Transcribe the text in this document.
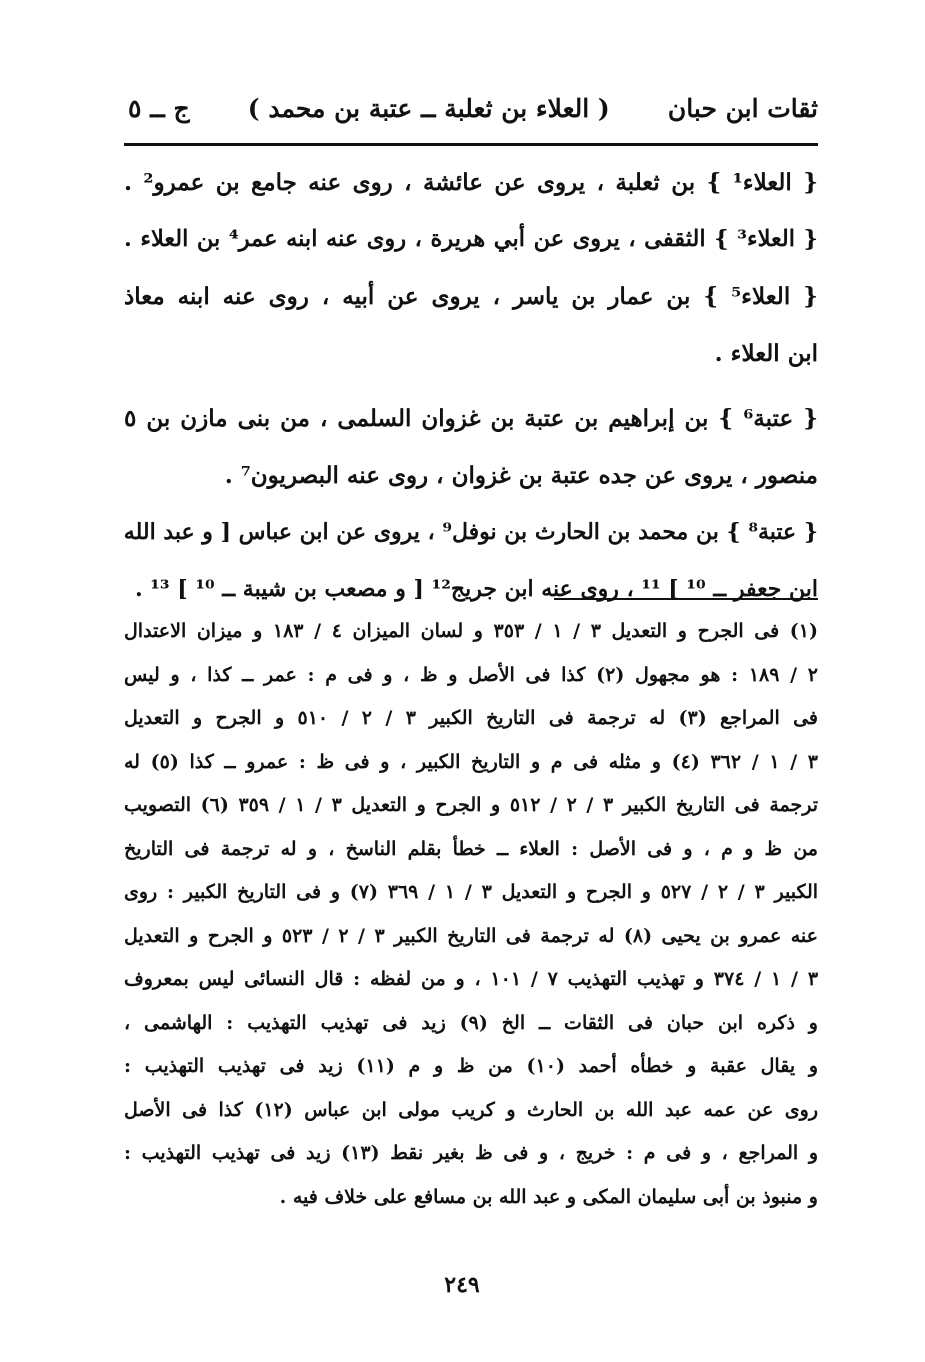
ثقات ابن حبان
( العلاء بن ثعلبة ــ عتبة بن محمد )
ج ــ ٥
{ العلاء¹ } بن ثعلبة ، يروى عن عائشة ، روى عنه جامع بن عمرو² .
{ العلاء³ } الثقفى ، يروى عن أبي هريرة ، روى عنه ابنه عمر⁴ بن العلاء .
{ العلاء⁵ } بن عمار بن ياسر ، يروى عن أبيه ، روى عنه ابنه معاذ
ابن العلاء .
{ عتبة⁶ } بن إبراهيم بن عتبة بن غزوان السلمى ، من بنى مازن بن ٥
منصور ، يروى عن جده عتبة بن غزوان ، روى عنه البصريون⁷ .
{ عتبة⁸ } بن محمد بن الحارث بن نوفل⁹ ، يروى عن ابن عباس [ و عبد الله
ابن جعفر ــ ¹⁰ ] ¹¹ ، روى عنه ابن جريج¹² [ و مصعب بن شيبة ــ ¹⁰ ] ¹³ .
(١) فى الجرح و التعديل ٣ / ١ / ٣٥٣ و لسان الميزان ٤ / ١٨٣ و ميزان الاعتدال
٢ / ١٨٩ : هو مجهول (٢) كذا فى الأصل و ظ ، و فى م : عمر ــ كذا ، و ليس
فى المراجع (٣) له ترجمة فى التاريخ الكبير ٣ / ٢ / ٥١٠ و الجرح و التعديل
٣ / ١ / ٣٦٢ (٤) و مثله فى م و التاريخ الكبير ، و فى ظ : عمرو ــ كذا (٥) له
ترجمة فى التاريخ الكبير ٣ / ٢ / ٥١٢ و الجرح و التعديل ٣ / ١ / ٣٥٩ (٦) التصويب
من ظ و م ، و فى الأصل : العلاء ــ خطأ بقلم الناسخ ، و له ترجمة فى التاريخ
الكبير ٣ / ٢ / ٥٢٧ و الجرح و التعديل ٣ / ١ / ٣٦٩ (٧) و فى التاريخ الكبير : روى
عنه عمرو بن يحيى (٨) له ترجمة فى التاريخ الكبير ٣ / ٢ / ٥٢٣ و الجرح و التعديل
٣ / ١ / ٣٧٤ و تهذيب التهذيب ٧ / ١٠١ ، و من لفظه : قال النسائى ليس بمعروف
و ذكره ابن حبان فى الثقات ــ الخ (٩) زيد فى تهذيب التهذيب : الهاشمى ،
و يقال عقبة و خطأه أحمد (١٠) من ظ و م (١١) زيد فى تهذيب التهذيب :
روى عن عمه عبد الله بن الحارث و كريب مولى ابن عباس (١٢) كذا فى الأصل
و المراجع ، و فى م : خريج ، و فى ظ بغير نقط (١٣) زيد فى تهذيب التهذيب :
و منبوذ بن أبى سليمان المكى و عبد الله بن مسافع على خلاف فيه .
٢٤٩
